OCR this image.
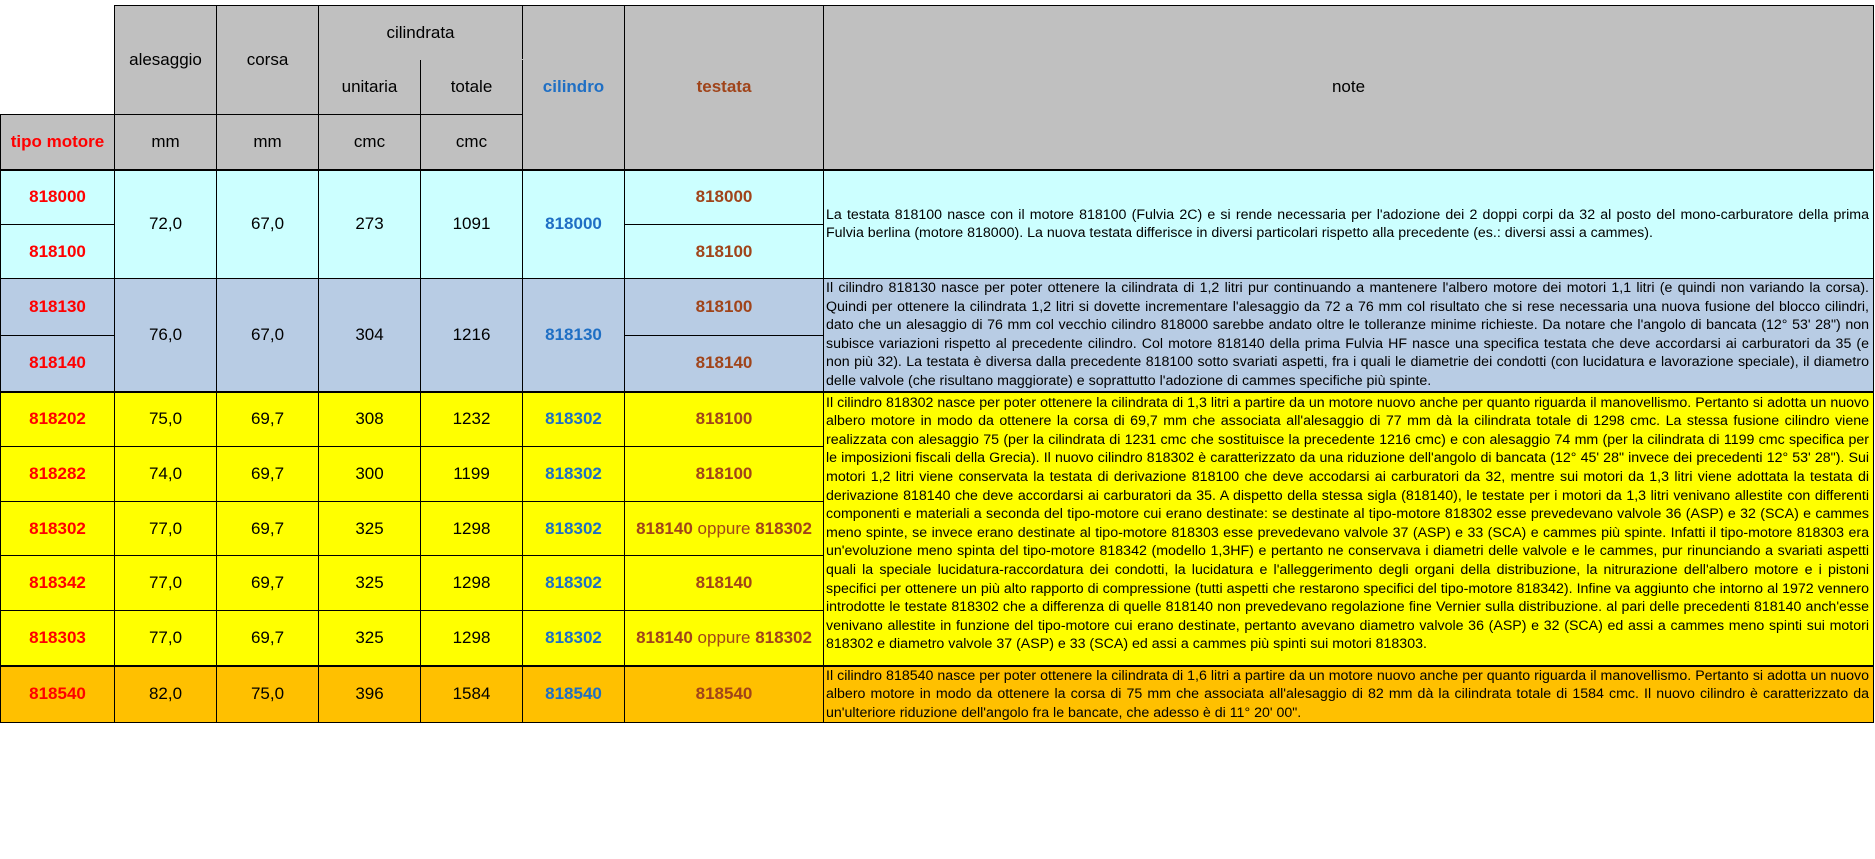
	alesaggio	corsa	cilindrata		cilindro	testata	note
			unitaria	totale			
tipo motore	mm	mm	cmc	cmc			
818000	72,0	67,0	273	1091	818000	818000	La testata 818100 nasce con il motore 818100 (Fulvia 2C) e si rende necessaria per l'adozione dei 2 doppi corpi da 32 al posto del mono-carburatore della prima Fulvia berlina (motore 818000). La nuova testata differisce in diversi particolari rispetto alla precedente (es.: diversi assi a cammes).
818100						818100	
818130	76,0	67,0	304	1216	818130	818100	Il cilindro 818130 nasce per poter ottenere la cilindrata di 1,2 litri pur continuando a mantenere l'albero motore dei motori 1,1 litri (e quindi non variando la corsa). Quindi per ottenere la cilindrata 1,2 litri si dovette incrementare l'alesaggio da 72 a 76 mm col risultato che si rese necessaria una nuova fusione del blocco cilindri, dato che un alesaggio di 76 mm col vecchio cilindro 818000 sarebbe andato oltre le tolleranze minime richieste. Da notare che l'angolo di bancata (12° 53' 28") non subisce variazioni rispetto al precedente cilindro. Col motore 818140 della prima Fulvia HF nasce una specifica testata che deve accordarsi ai carburatori da 35 (e non più 32). La testata è diversa dalla precedente 818100 sotto svariati aspetti, fra i quali le diametrie dei condotti (con lucidatura e lavorazione speciale), il diametro delle valvole (che risultano maggiorate) e soprattutto l'adozione di cammes specifiche più spinte.
818140						818140	
818202	75,0	69,7	308	1232	818302	818100	Il cilindro 818302 nasce per poter ottenere la cilindrata di 1,3 litri a partire da un motore nuovo anche per quanto riguarda il manovellismo. Pertanto si adotta un nuovo albero motore in modo da ottenere la corsa di 69,7 mm che associata all'alesaggio di 77 mm dà la cilindrata totale di 1298 cmc. La stessa fusione cilindro viene realizzata con alesaggio 75 (per la cilindrata di 1231 cmc che sostituisce la precedente 1216 cmc) e con alesaggio 74 mm (per la cilindrata di 1199 cmc specifica per le imposizioni fiscali della Grecia). Il nuovo cilindro 818302 è caratterizzato da una riduzione dell'angolo di bancata (12° 45' 28" invece dei precedenti 12° 53' 28"). Sui motori 1,2 litri viene conservata la testata di derivazione 818100 che deve accodarsi ai carburatori da 32, mentre sui motori da 1,3 litri viene adottata la testata di derivazione 818140 che deve accordarsi ai carburatori da 35. A dispetto della stessa sigla (818140), le testate per i motori da 1,3 litri venivano allestite con differenti componenti e materiali a seconda del tipo-motore cui erano destinate: se destinate al tipo-motore 818302 esse prevedevano valvole 36 (ASP) e 32 (SCA) e cammes meno spinte, se invece erano destinate al tipo-motore 818303 esse prevedevano valvole 37 (ASP) e 33 (SCA) e cammes più spinte. Infatti il tipo-motore 818303 era un'evoluzione meno spinta del tipo-motore 818342 (modello 1,3HF) e pertanto ne conservava i diametri delle valvole e le cammes, pur rinunciando a svariati aspetti quali la speciale lucidatura-raccordatura dei condotti, la lucidatura e l'alleggerimento degli organi della distribuzione, la nitrurazione dell'albero motore e i pistoni specifici per ottenere un più alto rapporto di compressione (tutti aspetti che restarono specifici del tipo-motore 818342). Infine va aggiunto che intorno al 1972 vennero introdotte le testate 818302 che a differenza di quelle 818140 non prevedevano regolazione fine Vernier sulla distribuzione. al pari delle precedenti 818140 anch'esse venivano allestite in funzione del tipo-motore cui erano destinate, pertanto avevano diametro valvole 36 (ASP) e 32 (SCA) ed assi a cammes meno spinti sui motori 818302 e diametro valvole 37 (ASP) e 33 (SCA) ed assi a cammes più spinti sui motori 818303.
818282	74,0	69,7	300	1199	818302	818100	
818302	77,0	69,7	325	1298	818302	818140 oppure 818302	
818342	77,0	69,7	325	1298	818302	818140	
818303	77,0	69,7	325	1298	818302	818140 oppure 818302	
818540	82,0	75,0	396	1584	818540	818540	Il cilindro 818540 nasce per poter ottenere la cilindrata di 1,6 litri a partire da un motore nuovo anche per quanto riguarda il manovellismo. Pertanto si adotta un nuovo albero motore in modo da ottenere la corsa di 75 mm che associata all'alesaggio di 82 mm dà la cilindrata totale di 1584 cmc. Il nuovo cilindro è caratterizzato da un'ulteriore riduzione dell'angolo fra le bancate, che adesso è di 11° 20' 00".
